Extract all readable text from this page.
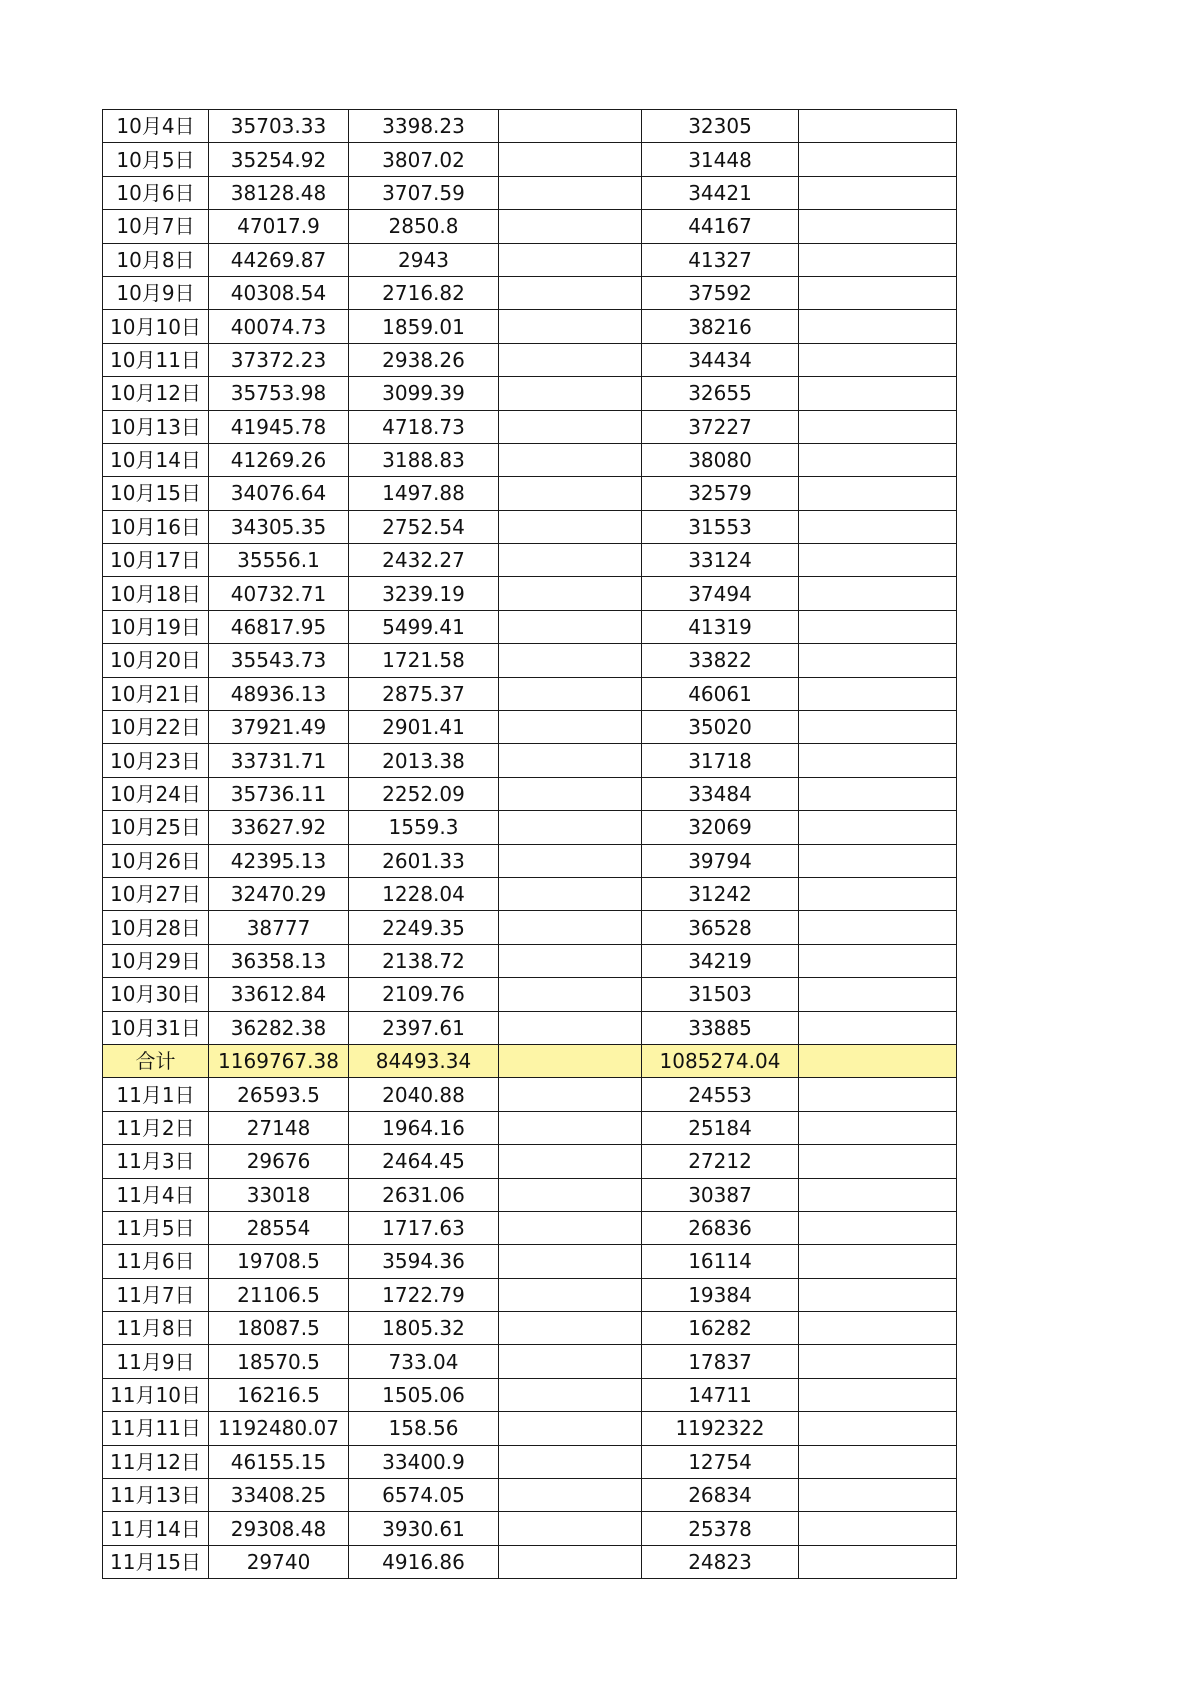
10月4日	35703.33	3398.23		32305	
10月5日	35254.92	3807.02		31448	
10月6日	38128.48	3707.59		34421	
10月7日	47017.9	2850.8		44167	
10月8日	44269.87	2943		41327	
10月9日	40308.54	2716.82		37592	
10月10日	40074.73	1859.01		38216	
10月11日	37372.23	2938.26		34434	
10月12日	35753.98	3099.39		32655	
10月13日	41945.78	4718.73		37227	
10月14日	41269.26	3188.83		38080	
10月15日	34076.64	1497.88		32579	
10月16日	34305.35	2752.54		31553	
10月17日	35556.1	2432.27		33124	
10月18日	40732.71	3239.19		37494	
10月19日	46817.95	5499.41		41319	
10月20日	35543.73	1721.58		33822	
10月21日	48936.13	2875.37		46061	
10月22日	37921.49	2901.41		35020	
10月23日	33731.71	2013.38		31718	
10月24日	35736.11	2252.09		33484	
10月25日	33627.92	1559.3		32069	
10月26日	42395.13	2601.33		39794	
10月27日	32470.29	1228.04		31242	
10月28日	38777	2249.35		36528	
10月29日	36358.13	2138.72		34219	
10月30日	33612.84	2109.76		31503	
10月31日	36282.38	2397.61		33885	
合计	1169767.38	84493.34		1085274.04	
11月1日	26593.5	2040.88		24553	
11月2日	27148	1964.16		25184	
11月3日	29676	2464.45		27212	
11月4日	33018	2631.06		30387	
11月5日	28554	1717.63		26836	
11月6日	19708.5	3594.36		16114	
11月7日	21106.5	1722.79		19384	
11月8日	18087.5	1805.32		16282	
11月9日	18570.5	733.04		17837	
11月10日	16216.5	1505.06		14711	
11月11日	1192480.07	158.56		1192322	
11月12日	46155.15	33400.9		12754	
11月13日	33408.25	6574.05		26834	
11月14日	29308.48	3930.61		25378	
11月15日	29740	4916.86		24823	
